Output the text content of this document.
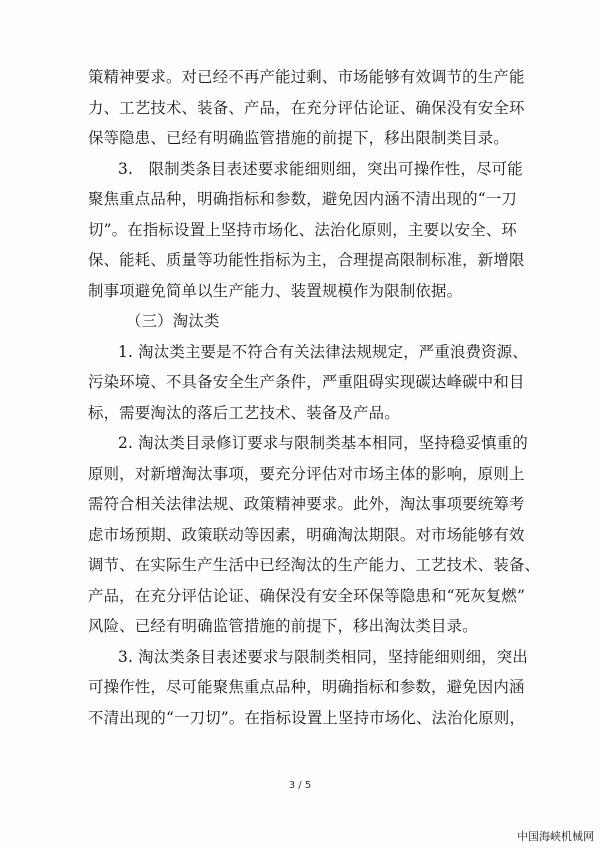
策精神要求。对已经不再产能过剩、市场能够有效调节的生产能
力、工艺技术、装备、产品，在充分评估论证、确保没有安全环
保等隐患、已经有明确监管措施的前提下，移出限制类目录。
3.　限制类条目表述要求能细则细，突出可操作性，尽可能
聚焦重点品种，明确指标和参数，避免因内涵不清出现的“一刀
切”。在指标设置上坚持市场化、法治化原则，主要以安全、环
保、能耗、质量等功能性指标为主，合理提高限制标准，新增限
制事项避免简单以生产能力、装置规模作为限制依据。
（三）淘汰类
1. 淘汰类主要是不符合有关法律法规规定，严重浪费资源、
污染环境、不具备安全生产条件，严重阻碍实现碳达峰碳中和目
标，需要淘汰的落后工艺技术、装备及产品。
2. 淘汰类目录修订要求与限制类基本相同，坚持稳妥慎重的
原则，对新增淘汰事项，要充分评估对市场主体的影响，原则上
需符合相关法律法规、政策精神要求。此外，淘汰事项要统筹考
虑市场预期、政策联动等因素，明确淘汰期限。对市场能够有效
调节、在实际生产生活中已经淘汰的生产能力、工艺技术、装备、
产品，在充分评估论证、确保没有安全环保等隐患和“死灰复燃”
风险、已经有明确监管措施的前提下，移出淘汰类目录。
3. 淘汰类条目表述要求与限制类相同，坚持能细则细，突出
可操作性，尽可能聚焦重点品种，明确指标和参数，避免因内涵
不清出现的“一刀切”。在指标设置上坚持市场化、法治化原则，
3 / 5
中国海峡机械网
